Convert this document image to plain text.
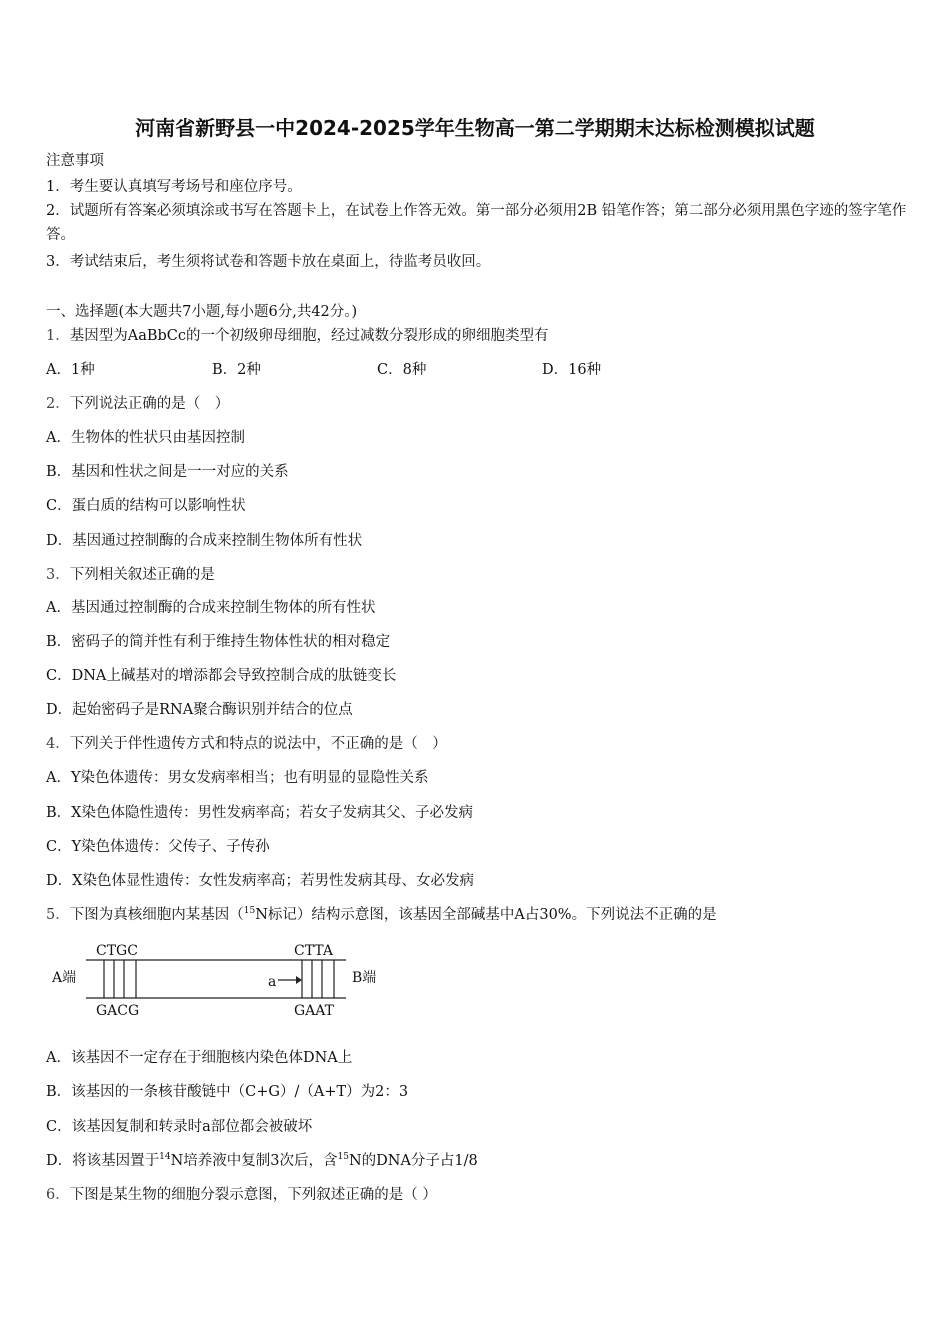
河南省新野县一中2024-2025学年生物高一第二学期期末达标检测模拟试题
注意事项
1．考生要认真填写考场号和座位序号。
2．试题所有答案必须填涂或书写在答题卡上，在试卷上作答无效。第一部分必须用2B 铅笔作答；第二部分必须用黑色字迹的签字笔作答。
3．考试结束后，考生须将试卷和答题卡放在桌面上，待监考员收回。
一、选择题(本大题共7小题,每小题6分,共42分。)
1．基因型为AaBbCc的一个初级卵母细胞，经过减数分裂形成的卵细胞类型有
A．1种	B．2种	C．8种	D．16种
2．下列说法正确的是（　）
A．生物体的性状只由基因控制
B．基因和性状之间是一一对应的关系
C．蛋白质的结构可以影响性状
D．基因通过控制酶的合成来控制生物体所有性状
3．下列相关叙述正确的是
A．基因通过控制酶的合成来控制生物体的所有性状
B．密码子的简并性有利于维持生物体性状的相对稳定
C．DNA上碱基对的增添都会导致控制合成的肽链变长
D．起始密码子是RNA聚合酶识别并结合的位点
4．下列关于伴性遗传方式和特点的说法中，不正确的是（　）
A．Y染色体遗传：男女发病率相当；也有明显的显隐性关系
B．X染色体隐性遗传：男性发病率高；若女子发病其父、子必发病
C．Y染色体遗传：父传子、子传孙
D．X染色体显性遗传：女性发病率高；若男性发病其母、女必发病
5．下图为真核细胞内某基因（$^{15}$N标记）结构示意图，该基因全部碱基中A占30%。下列说法不正确的是
A端	B端
CTGC
GACG
CTTA
GAAT
a
A．该基因不一定存在于细胞核内染色体DNA上
B．该基因的一条核苷酸链中（C+G）/（A+T）为2：3
C．该基因复制和转录时a部位都会被破坏
D．将该基因置于$^{14}$N培养液中复制3次后，含$^{15}$N的DNA分子占1/8
6．下图是某生物的细胞分裂示意图，下列叙述正确的是（ ）
